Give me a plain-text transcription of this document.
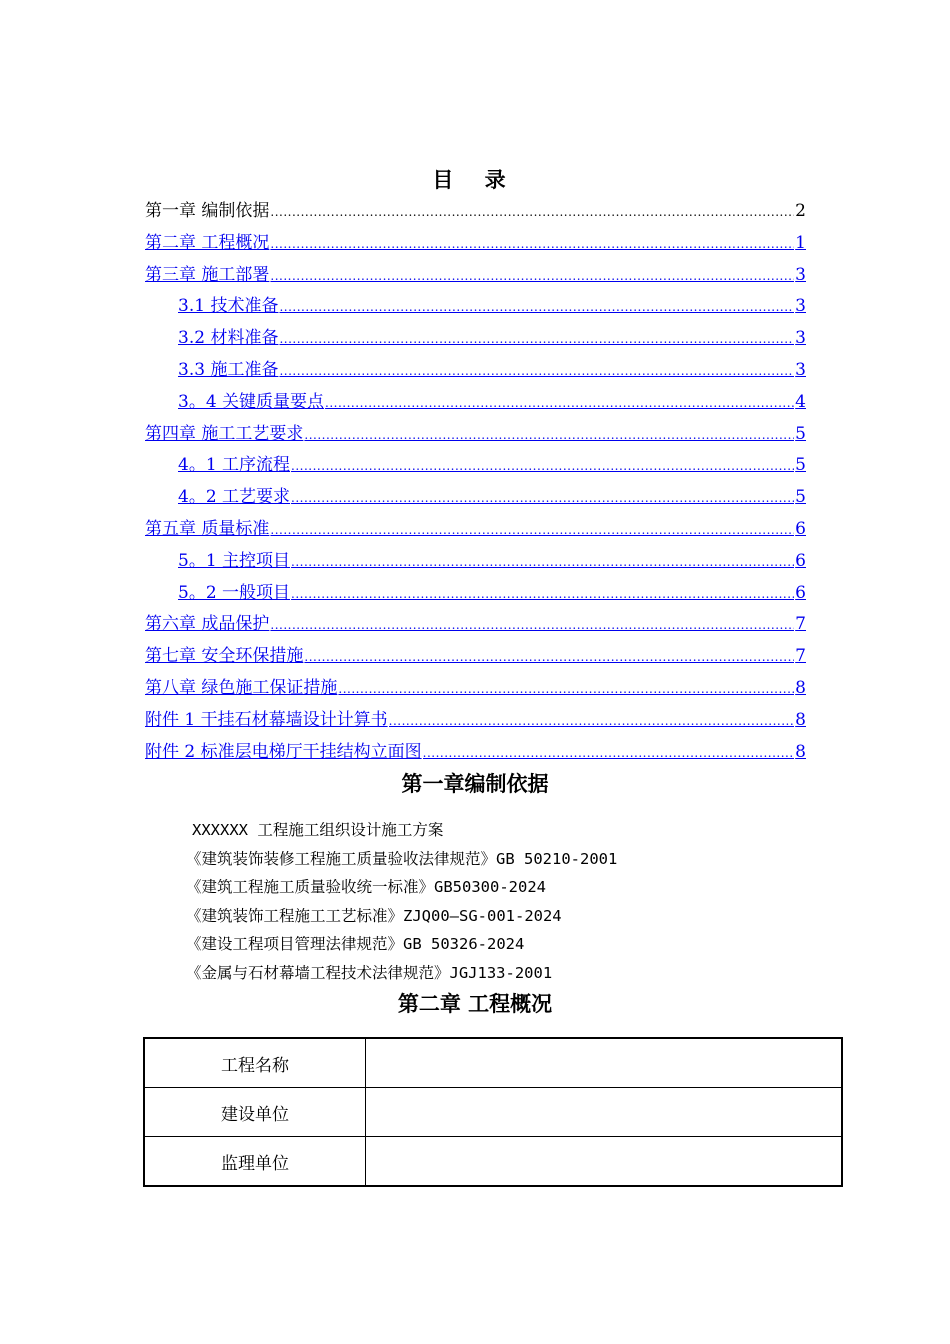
目 录
第一章 编制依据 .....	2
第二章 工程概况 .....	1
第三章 施工部署 .....	3
3.1 技术准备 .....	3
3.2 材料准备 .....	3
3.3 施工准备 .....	3
3。4 关键质量要点 .....	4
第四章 施工工艺要求 .....	5
4。1 工序流程 .....	5
4。2 工艺要求 .....	5
第五章 质量标准 .....	6
5。1 主控项目 .....	6
5。2 一般项目 .....	6
第六章 成品保护 .....	7
第七章 安全环保措施 .....	7
第八章 绿色施工保证措施 .....	8
附件 1 干挂石材幕墙设计计算书 .....	8
附件 2 标准层电梯厅干挂结构立面图 .....	8
第一章编制依据
XXXXXX 工程施工组织设计施工方案
《建筑装饰装修工程施工质量验收法律规范》GB 50210-2001
《建筑工程施工质量验收统一标准》GB50300-2024
《建筑装饰工程施工工艺标准》ZJQ00—SG-001-2024
《建设工程项目管理法律规范》GB 50326-2024
《金属与石材幕墙工程技术法律规范》JGJ133-2001
第二章 工程概况
工程名称	
建设单位	
监理单位	
